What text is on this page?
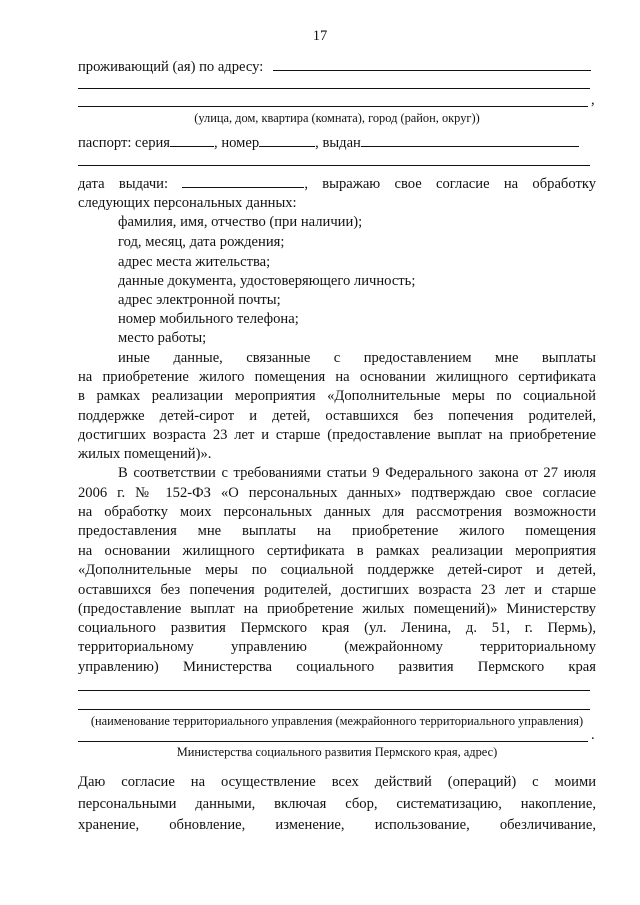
17
проживающий (ая) по адресу:
,
(улица, дом, квартира (комната), город (район, округ))
паспорт: серия	, номер	, выдан
дата выдачи:	, выражаю свое согласие на обработку
следующих персональных данных:
фамилия, имя, отчество (при наличии);
год, месяц, дата рождения;
адрес места жительства;
данные документа, удостоверяющего личность;
адрес электронной почты;
номер мобильного телефона;
место работы;
иные данные, связанные с предоставлением мне выплаты
на приобретение жилого помещения на основании жилищного сертификата
в рамках реализации мероприятия «Дополнительные меры по социальной
поддержке детей-сирот и детей, оставшихся без попечения родителей,
достигших возраста 23 лет и старше (предоставление выплат на приобретение
жилых помещений)».
В соответствии с требованиями статьи 9 Федерального закона от 27 июля
2006 г. № 152-ФЗ «О персональных данных» подтверждаю свое согласие
на обработку моих персональных данных для рассмотрения возможности
предоставления мне выплаты на приобретение жилого помещения
на основании жилищного сертификата в рамках реализации мероприятия
«Дополнительные меры по социальной поддержке детей-сирот и детей,
оставшихся без попечения родителей, достигших возраста 23 лет и старше
(предоставление выплат на приобретение жилых помещений)» Министерству
социального развития Пермского края (ул. Ленина, д. 51, г. Пермь),
территориальному управлению (межрайонному территориальному
управлению) Министерства социального развития Пермского края
(наименование территориального управления (межрайонного территориального управления)
.
Министерства социального развития Пермского края, адрес)
Даю согласие на осуществление всех действий (операций) с моими
персональными данными, включая сбор, систематизацию, накопление,
хранение, обновление, изменение, использование, обезличивание,
